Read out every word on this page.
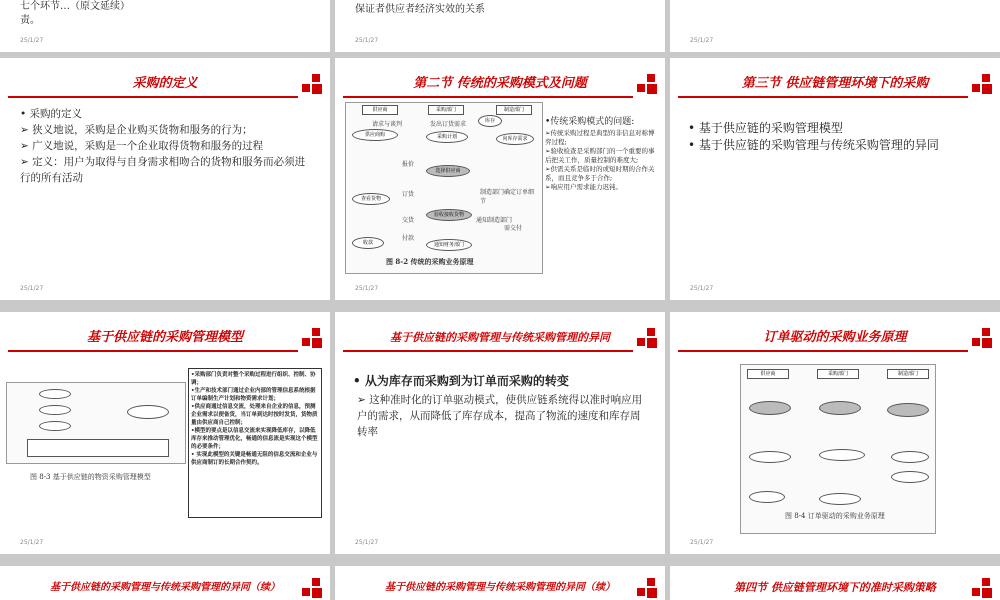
七个环节…（原文延续）
责。
25/1/27
保证者供应者经济实效的关系
25/1/27	25/1/27
采购的定义
• 采购的定义
➢ 狭义地说，采购是企业购买货物和服务的行为；
➢ 广义地说，采购是一个企业取得货物和服务的过程
➢ 定义：用户为取得与自身需求相吻合的货物和服务而必须进行的所有活动
25/1/27
第二节 传统的采购模式及问题
供应商	采购部门	制造部门
供应商购	采购计划
选择供应商
验收接收货物
查看货物
收款	通知财务部门
库存
向库存需求
报价
订货
交货
付款
请求与谈判	发出订货需求
制造部门确定订单细节
通知制造部门
需交付
图 8-2 传统的采购业务原理
•传统采购模式的问题:
➢传统采购过程是典型的非信息对称博弈过程;
➢验收检查是采购部门的一个重要的事后把关工作，质量控制的难度大;
➢供需关系是临时的或短时期的合作关系，而且竞争多于合作;
➢响应用户需求能力迟钝。
25/1/27
第三节 供应链管理环境下的采购
• 基于供应链的采购管理模型
• 基于供应链的采购管理与传统采购管理的异同
25/1/27
基于供应链的采购管理模型
图 8-3 基于供应链的物资采购管理模型
•采购部门负责对整个采购过程进行组织、控制、协调；
•生产和技术部门通过企业内部的管理信息系统根据订单编制生产计划和物资需求计划；
•供应商通过信息交流，处理来自企业的信息，预测企业需求以便备货，当订单到达时按时发货，货物质量由供应商自己控制；
•模型的要点是以信息交流来实现降低库存，以降低库存来推动管理优化，畅通的信息流是实现这个模型的必要条件；
• 实现此模型的关键是畅通无阻的信息交流和企业与供应商制订的长期合作契约。
25/1/27
基于供应链的采购管理与传统采购管理的异同
• 从为库存而采购到为订单而采购的转变
➢ 这种准时化的订单驱动模式，使供应链系统得以准时响应用户的需求，从而降低了库存成本，提高了物流的速度和库存周转率
25/1/27
订单驱动的采购业务原理
供应商	采购部门	制造部门
图 8-4 订单驱动的采购业务原理
25/1/27
基于供应链的采购管理与传统采购管理的异同（续）	基于供应链的采购管理与传统采购管理的异同（续）	第四节 供应链管理环境下的准时采购策略
